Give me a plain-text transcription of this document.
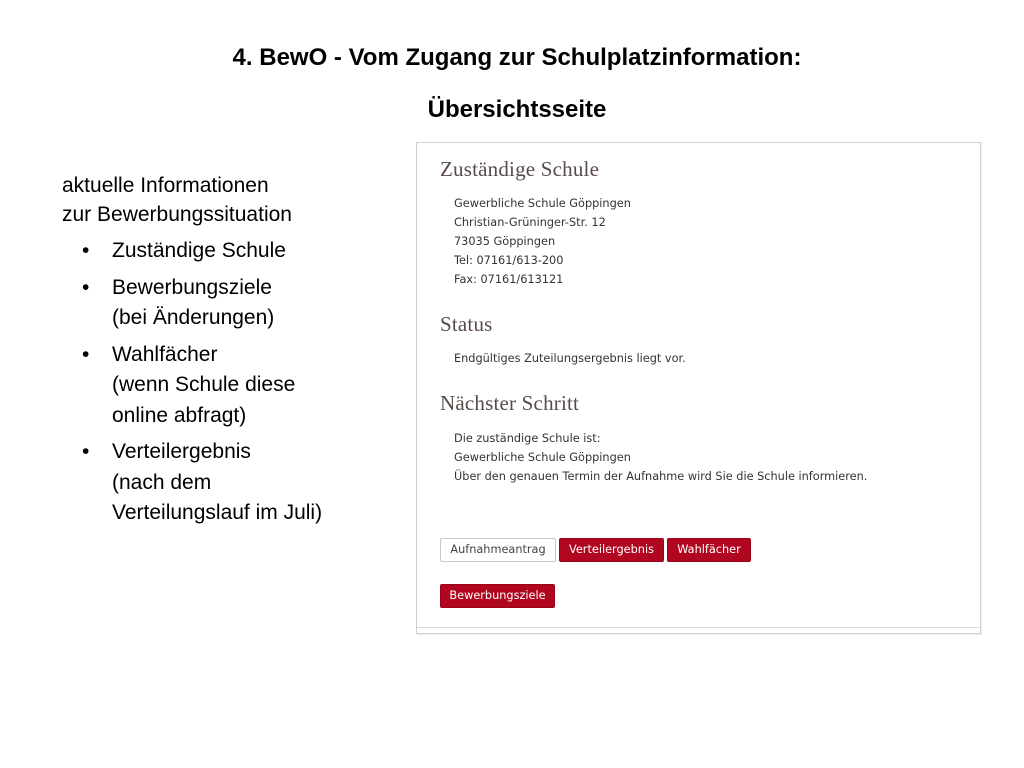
4. BewO - Vom Zugang zur Schulplatzinformation:
Übersichtsseite
aktuelle Informationen
zur Bewerbungssituation
• Zuständige Schule
• Bewerbungsziele
(bei Änderungen)
• Wahlfächer
(wenn Schule diese
online abfragt)
• Verteilergebnis
(nach dem
Verteilungslauf im Juli)
Zuständige Schule
Gewerbliche Schule Göppingen
Christian-Grüninger-Str. 12
73035 Göppingen
Tel: 07161/613-200
Fax: 07161/613121
Status
Endgültiges Zuteilungsergebnis liegt vor.
Nächster Schritt
Die zuständige Schule ist:
Gewerbliche Schule Göppingen
Über den genauen Termin der Aufnahme wird Sie die Schule informieren.
Aufnahmeantrag	Verteilergebnis	Wahlfächer
Bewerbungsziele
